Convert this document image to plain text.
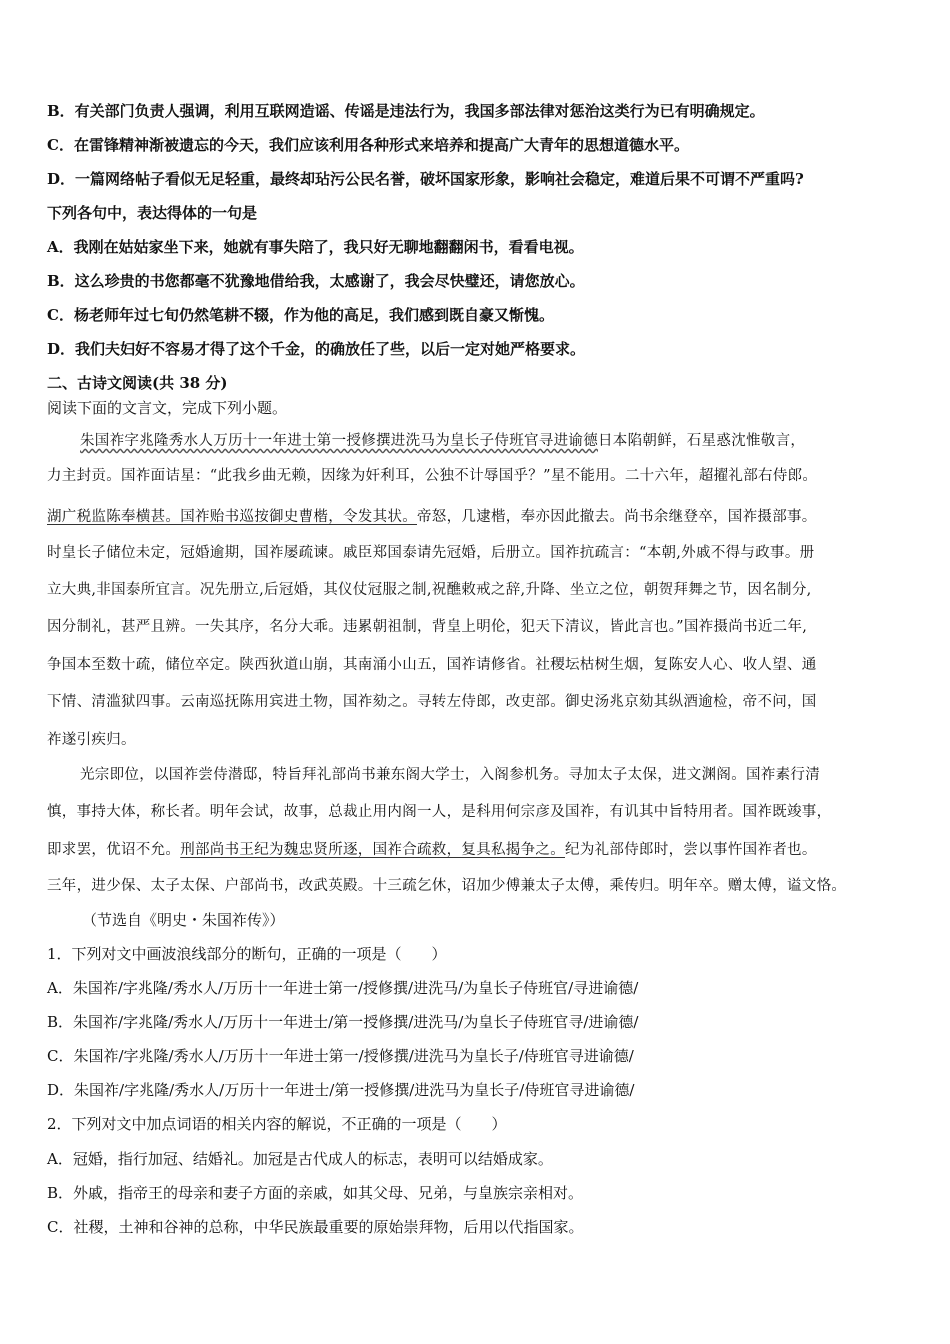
B．有关部门负责人强调，利用互联网造谣、传谣是违法行为，我国多部法律对惩治这类行为已有明确规定。
C．在雷锋精神渐被遗忘的今天，我们应该利用各种形式来培养和提高广大青年的思想道德水平。
D．一篇网络帖子看似无足轻重，最终却玷污公民名誉，破坏国家形象，影响社会稳定，难道后果不可谓不严重吗?
下列各句中，表达得体的一句是
A．我刚在姑姑家坐下来，她就有事失陪了，我只好无聊地翻翻闲书，看看电视。
B．这么珍贵的书您都毫不犹豫地借给我，太感谢了，我会尽快璧还，请您放心。
C．杨老师年过七旬仍然笔耕不辍，作为他的高足，我们感到既自豪又惭愧。
D．我们夫妇好不容易才得了这个千金，的确放任了些，以后一定对她严格要求。
二、古诗文阅读(共 38 分)
阅读下面的文言文，完成下列小题。
朱国祚字兆隆秀水人万历十一年进士第一授修撰进洗马为皇长子侍班官寻进谕德日本陷朝鲜，石星惑沈惟敬言，
力主封贡。国祚面诘星：“此我乡曲无赖，因缘为奸利耳，公独不计辱国乎？”星不能用。二十六年，超擢礼部右侍郎。
湖广税监陈奉横甚。国祚贻书巡按御史曹楷，令发其状。帝怒，几逮楷，奉亦因此撤去。尚书余继登卒，国祚摄部事。
时皇长子储位未定，冠婚逾期，国祚屡疏谏。戚臣郑国泰请先冠婚，后册立。国祚抗疏言：“本朝,外戚不得与政事。册
立大典,非国泰所宜言。况先册立,后冠婚，其仪仗冠服之制,祝醮敕戒之辞,升降、坐立之位，朝贺拜舞之节，因名制分,
因分制礼，甚严且辨。一失其序，名分大乖。违累朝祖制，背皇上明伦，犯天下清议，皆此言也。”国祚摄尚书近二年,
争国本至数十疏，储位卒定。陕西狄道山崩，其南涌小山五，国祚请修省。社稷坛枯树生烟，复陈安人心、收人望、通
下情、清滥狱四事。云南巡抚陈用宾进土物，国祚劾之。寻转左侍郎，改吏部。御史汤兆京劾其纵酒逾检，帝不问，国
祚遂引疾归。
光宗即位，以国祚尝侍潜邸，特旨拜礼部尚书兼东阁大学士，入阁参机务。寻加太子太保，进文渊阁。国祚素行清
慎，事持大体，称长者。明年会试，故事，总裁止用内阁一人，是科用何宗彦及国祚，有讥其中旨特用者。国祚既竣事，
即求罢，优诏不允。刑部尚书王纪为魏忠贤所逐，国祚合疏救，复具私揭争之。纪为礼部侍郎时，尝以事忤国祚者也。
三年，进少保、太子太保、户部尚书，改武英殿。十三疏乞休，诏加少傅兼太子太傅，乘传归。明年卒。赠太傅，谥文恪。
（节选自《明史・朱国祚传》）
1．下列对文中画波浪线部分的断句，正确的一项是（　　）
A．朱国祚/字兆隆/秀水人/万历十一年进士第一/授修撰/进洗马/为皇长子侍班官/寻进谕德/
B．朱国祚/字兆隆/秀水人/万历十一年进士/第一授修撰/进洗马/为皇长子侍班官寻/进谕德/
C．朱国祚/字兆隆/秀水人/万历十一年进士第一/授修撰/进洗马为皇长子/侍班官寻进谕德/
D．朱国祚/字兆隆/秀水人/万历十一年进士/第一授修撰/进洗马为皇长子/侍班官寻进谕德/
2．下列对文中加点词语的相关内容的解说，不正确的一项是（　　）
A．冠婚，指行加冠、结婚礼。加冠是古代成人的标志，表明可以结婚成家。
B．外戚，指帝王的母亲和妻子方面的亲戚，如其父母、兄弟，与皇族宗亲相对。
C．社稷，土神和谷神的总称，中华民族最重要的原始崇拜物，后用以代指国家。
